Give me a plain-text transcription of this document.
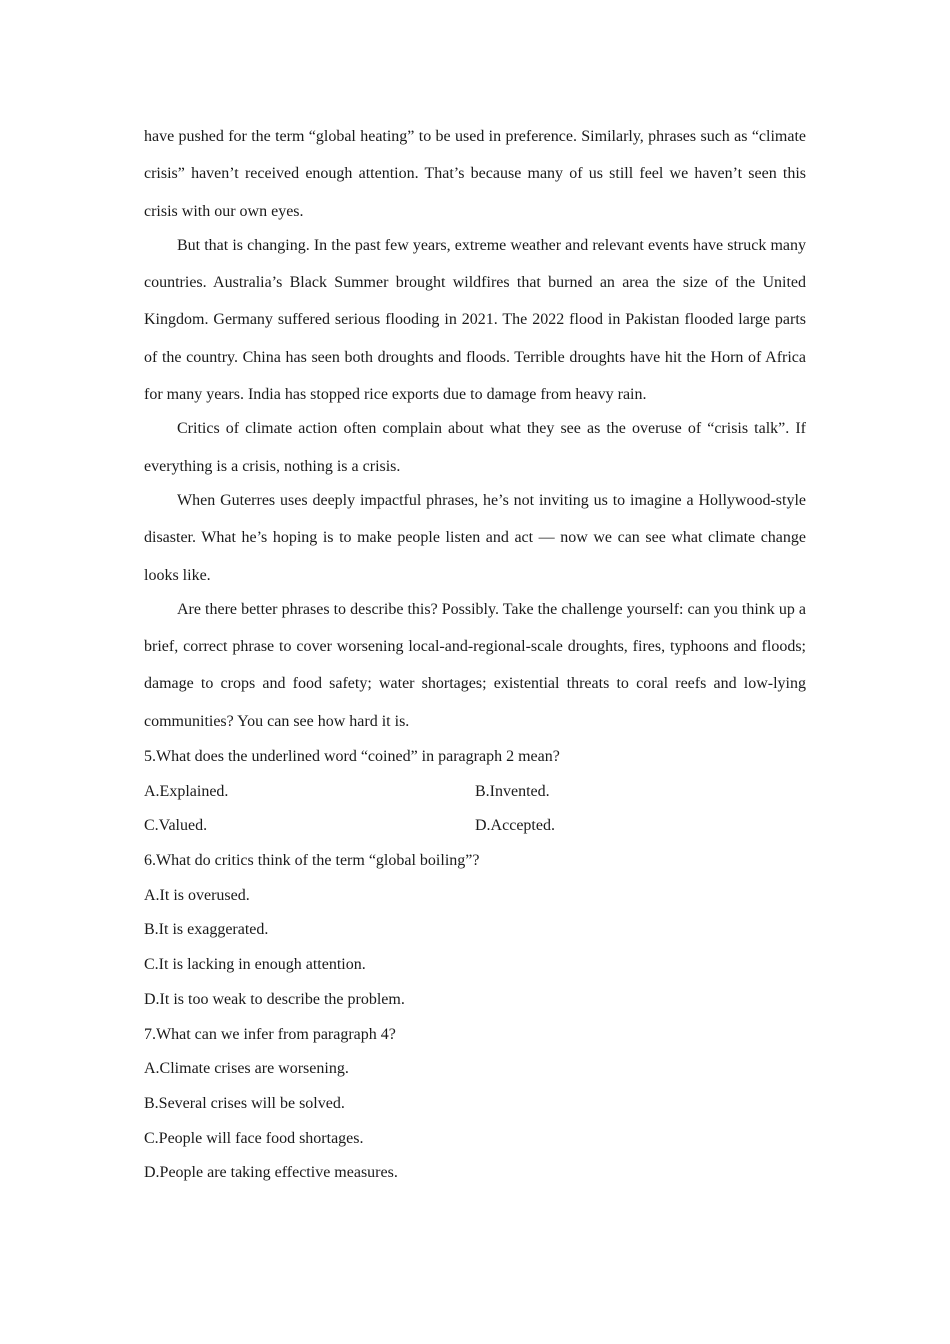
have pushed for the term “global heating” to be used in preference. Similarly, phrases such as “climate crisis” haven’t received enough attention. That’s because many of us still feel we haven’t seen this crisis with our own eyes.

But that is changing. In the past few years, extreme weather and relevant events have struck many countries. Australia’s Black Summer brought wildfires that burned an area the size of the United Kingdom. Germany suffered serious flooding in 2021. The 2022 flood in Pakistan flooded large parts of the country. China has seen both droughts and floods. Terrible droughts have hit the Horn of Africa for many years. India has stopped rice exports due to damage from heavy rain.

Critics of climate action often complain about what they see as the overuse of “crisis talk”. If everything is a crisis, nothing is a crisis.

When Guterres uses deeply impactful phrases, he’s not inviting us to imagine a Hollywood-style disaster. What he’s hoping is to make people listen and act — now we can see what climate change looks like.

Are there better phrases to describe this? Possibly. Take the challenge yourself: can you think up a brief, correct phrase to cover worsening local-and-regional-scale droughts, fires, typhoons and floods; damage to crops and food safety; water shortages; existential threats to coral reefs and low-lying communities? You can see how hard it is.

5.What does the underlined word “coined” in paragraph 2 mean?
A.Explained.	B.Invented.
C.Valued.	D.Accepted.
6.What do critics think of the term “global boiling”?
A.It is overused.
B.It is exaggerated.
C.It is lacking in enough attention.
D.It is too weak to describe the problem.
7.What can we infer from paragraph 4?
A.Climate crises are worsening.
B.Several crises will be solved.
C.People will face food shortages.
D.People are taking effective measures.
